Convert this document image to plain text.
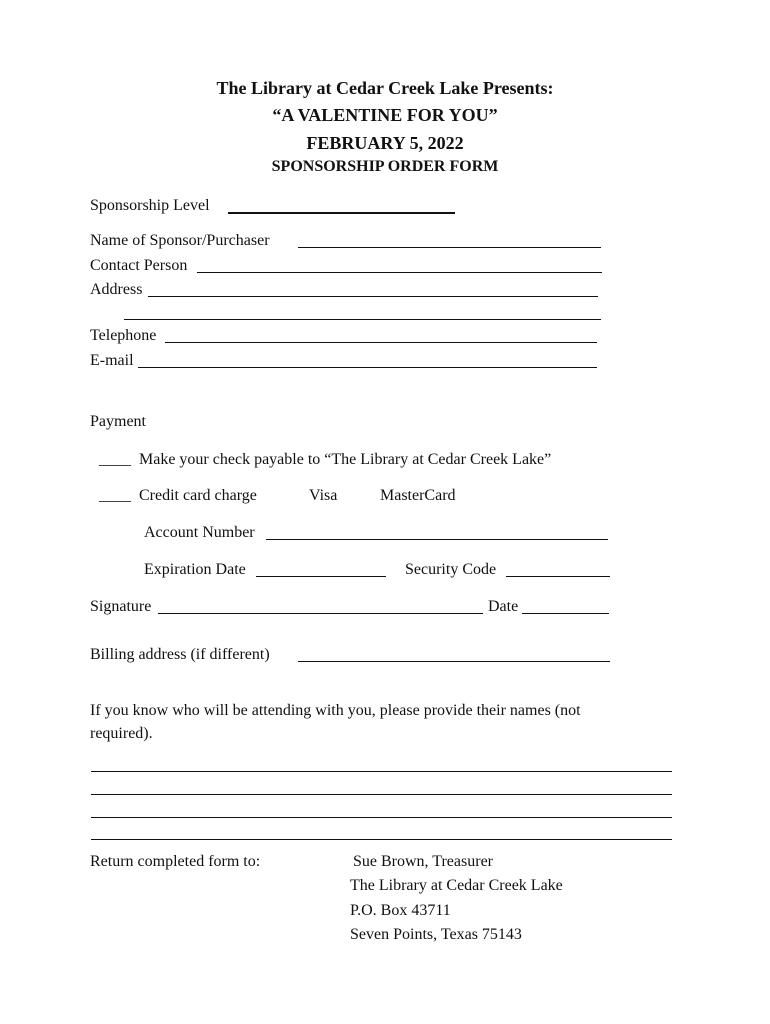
The Library at Cedar Creek Lake Presents:
“A VALENTINE FOR YOU”
FEBRUARY 5, 2022
SPONSORSHIP ORDER FORM
Sponsorship Level
Name of Sponsor/Purchaser
Contact Person
Address
Telephone
E-mail
Payment
____ Make your check payable to “The Library at Cedar Creek Lake”
____ Credit card charge	Visa	MasterCard
Account Number
Expiration Date	Security Code
Signature	Date
Billing address (if different)
If you know who will be attending with you, please provide their names (not
required).
Return completed form to:	Sue Brown, Treasurer
The Library at Cedar Creek Lake
P.O. Box 43711
Seven Points, Texas 75143
